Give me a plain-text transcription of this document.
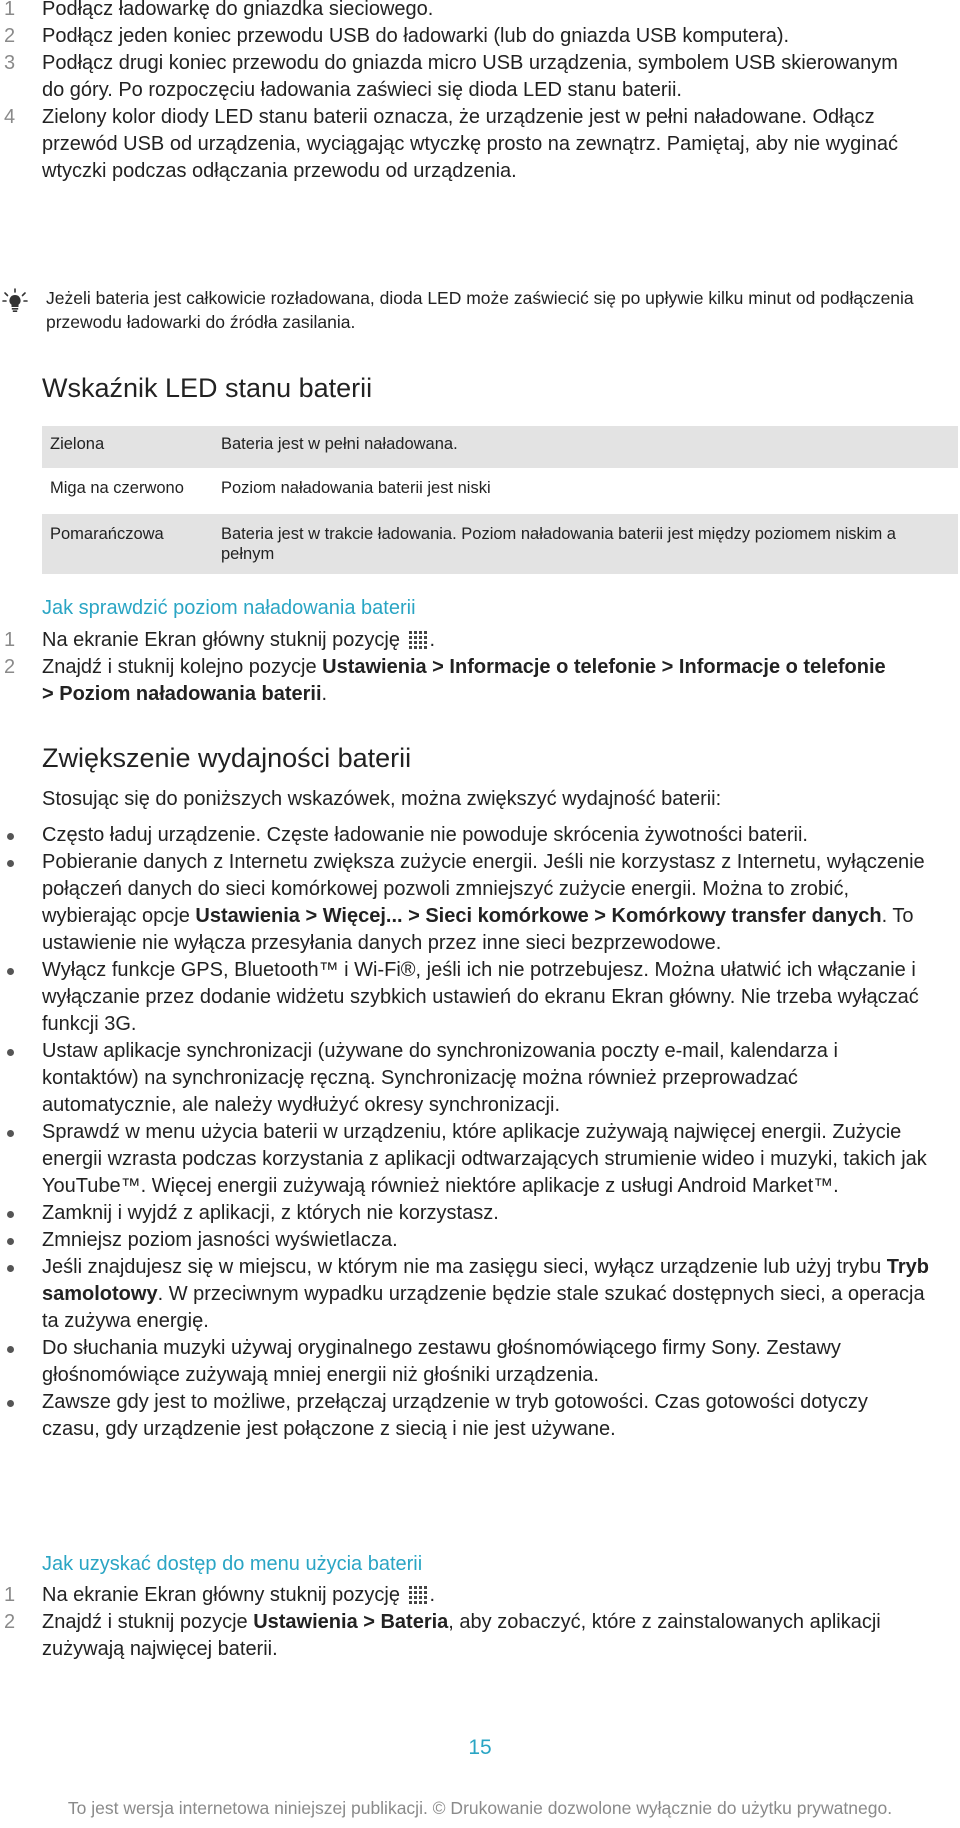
1 Podłącz ładowarkę do gniazdka sieciowego.
2 Podłącz jeden koniec przewodu USB do ładowarki (lub do gniazda USB komputera).
3 Podłącz drugi koniec przewodu do gniazda micro USB urządzenia, symbolem USB skierowanym do góry. Po rozpoczęciu ładowania zaświeci się dioda LED stanu baterii.
4 Zielony kolor diody LED stanu baterii oznacza, że urządzenie jest w pełni naładowane. Odłącz przewód USB od urządzenia, wyciągając wtyczkę prosto na zewnątrz. Pamiętaj, aby nie wyginać wtyczki podczas odłączania przewodu od urządzenia.
Jeżeli bateria jest całkowicie rozładowana, dioda LED może zaświecić się po upływie kilku minut od podłączenia przewodu ładowarki do źródła zasilania.
Wskaźnik LED stanu baterii
Zielona	Bateria jest w pełni naładowana.
Miga na czerwono	Poziom naładowania baterii jest niski
Pomarańczowa	Bateria jest w trakcie ładowania. Poziom naładowania baterii jest między poziomem niskim a pełnym
Jak sprawdzić poziom naładowania baterii
1 Na ekranie Ekran główny stuknij pozycję .
2 Znajdź i stuknij kolejno pozycje Ustawienia > Informacje o telefonie > Informacje o telefonie > Poziom naładowania baterii.
Zwiększenie wydajności baterii
Stosując się do poniższych wskazówek, można zwiększyć wydajność baterii:
Często ładuj urządzenie. Częste ładowanie nie powoduje skrócenia żywotności baterii.
Pobieranie danych z Internetu zwiększa zużycie energii. Jeśli nie korzystasz z Internetu, wyłączenie połączeń danych do sieci komórkowej pozwoli zmniejszyć zużycie energii. Można to zrobić, wybierając opcje Ustawienia > Więcej... > Sieci komórkowe > Komórkowy transfer danych. To ustawienie nie wyłącza przesyłania danych przez inne sieci bezprzewodowe.
Wyłącz funkcje GPS, Bluetooth™ i Wi-Fi®, jeśli ich nie potrzebujesz. Można ułatwić ich włączanie i wyłączanie przez dodanie widżetu szybkich ustawień do ekranu Ekran główny. Nie trzeba wyłączać funkcji 3G.
Ustaw aplikacje synchronizacji (używane do synchronizowania poczty e-mail, kalendarza i kontaktów) na synchronizację ręczną. Synchronizację można również przeprowadzać automatycznie, ale należy wydłużyć okresy synchronizacji.
Sprawdź w menu użycia baterii w urządzeniu, które aplikacje zużywają najwięcej energii. Zużycie energii wzrasta podczas korzystania z aplikacji odtwarzających strumienie wideo i muzyki, takich jak YouTube™. Więcej energii zużywają również niektóre aplikacje z usługi Android Market™.
Zamknij i wyjdź z aplikacji, z których nie korzystasz.
Zmniejsz poziom jasności wyświetlacza.
Jeśli znajdujesz się w miejscu, w którym nie ma zasięgu sieci, wyłącz urządzenie lub użyj trybu Tryb samolotowy. W przeciwnym wypadku urządzenie będzie stale szukać dostępnych sieci, a operacja ta zużywa energię.
Do słuchania muzyki używaj oryginalnego zestawu głośnomówiącego firmy Sony. Zestawy głośnomówiące zużywają mniej energii niż głośniki urządzenia.
Zawsze gdy jest to możliwe, przełączaj urządzenie w tryb gotowości. Czas gotowości dotyczy czasu, gdy urządzenie jest połączone z siecią i nie jest używane.
Jak uzyskać dostęp do menu użycia baterii
1 Na ekranie Ekran główny stuknij pozycję .
2 Znajdź i stuknij pozycje Ustawienia > Bateria, aby zobaczyć, które z zainstalowanych aplikacji zużywają najwięcej baterii.
15
To jest wersja internetowa niniejszej publikacji. © Drukowanie dozwolone wyłącznie do użytku prywatnego.
